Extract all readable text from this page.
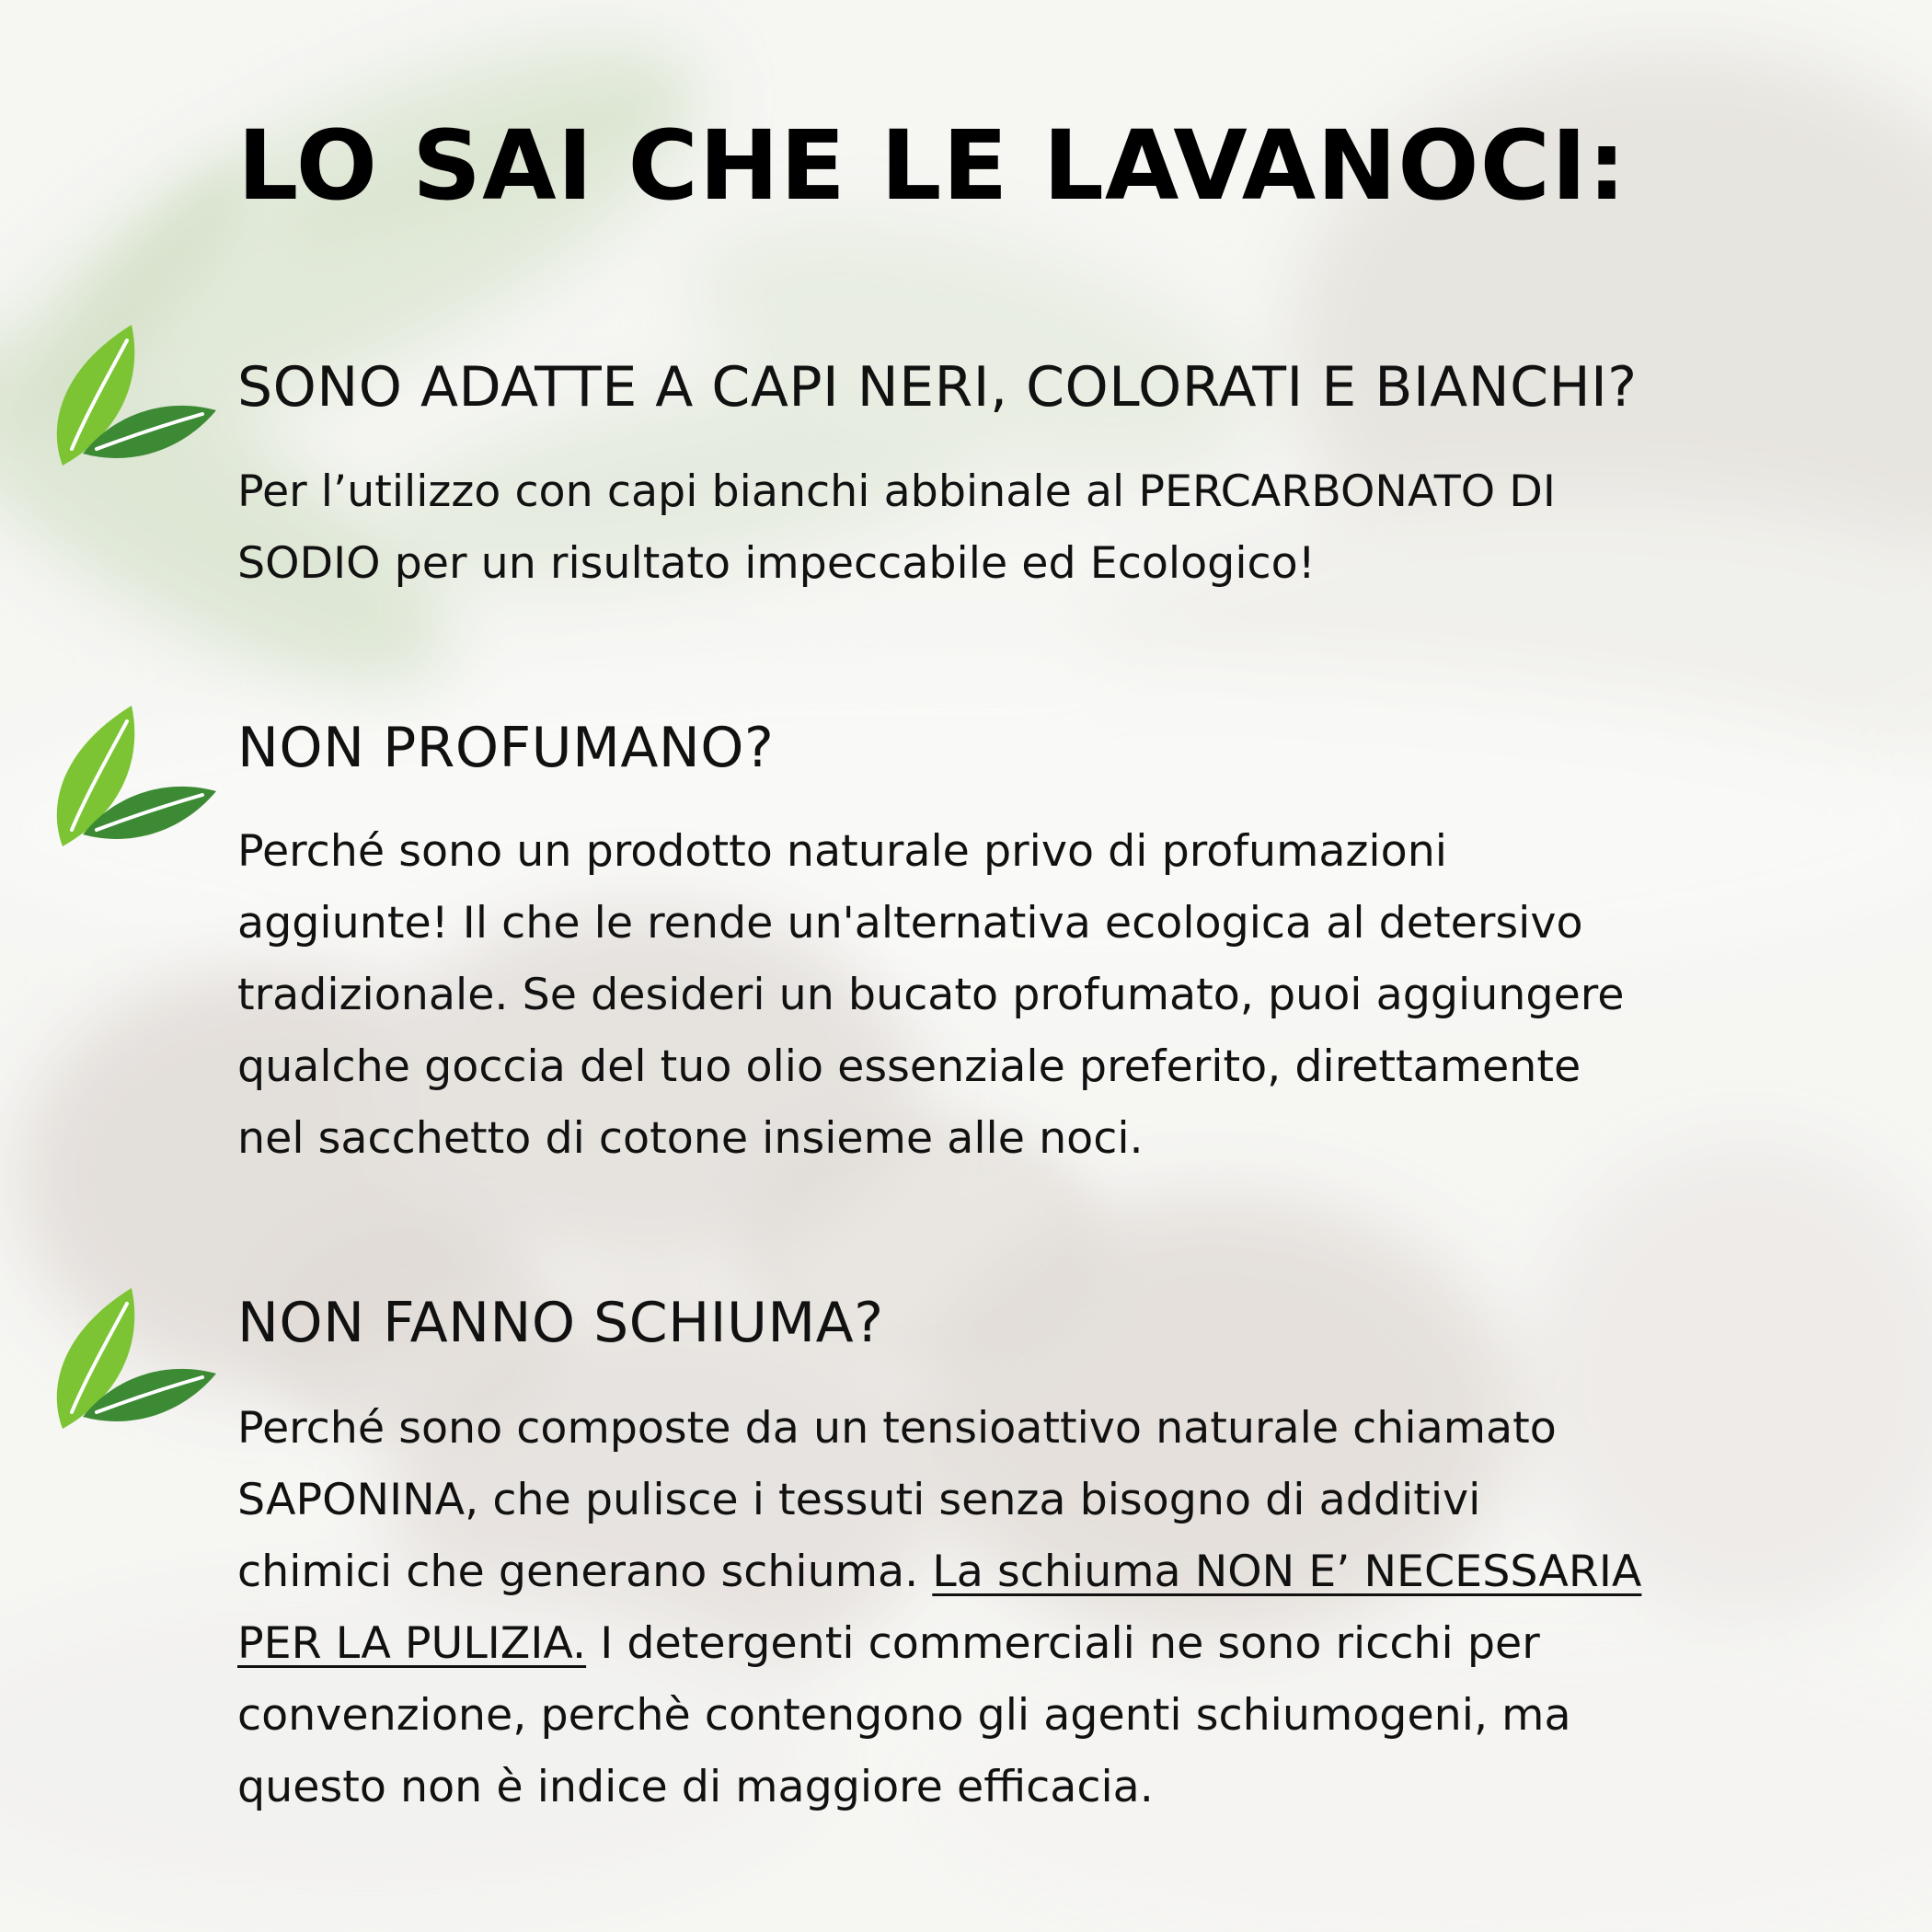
LO SAI CHE LE LAVANOCI:
SONO ADATTE A CAPI NERI, COLORATI E BIANCHI?

Per l’utilizzo con capi bianchi abbinale al PERCARBONATO DI
SODIO per un risultato impeccabile ed Ecologico!

NON PROFUMANO?

Perché sono un prodotto naturale privo di profumazioni
aggiunte! Il che le rende un'alternativa ecologica al detersivo
tradizionale. Se desideri un bucato profumato, puoi aggiungere
qualche goccia del tuo olio essenziale preferito, direttamente
nel sacchetto di cotone insieme alle noci.

NON FANNO SCHIUMA?

Perché sono composte da un tensioattivo naturale chiamato
SAPONINA, che pulisce i tessuti senza bisogno di additivi
chimici che generano schiuma. La schiuma NON E’ NECESSARIA
PER LA PULIZIA. I detergenti commerciali ne sono ricchi per
convenzione, perchè contengono gli agenti schiumogeni, ma
questo non è indice di maggiore efficacia.
